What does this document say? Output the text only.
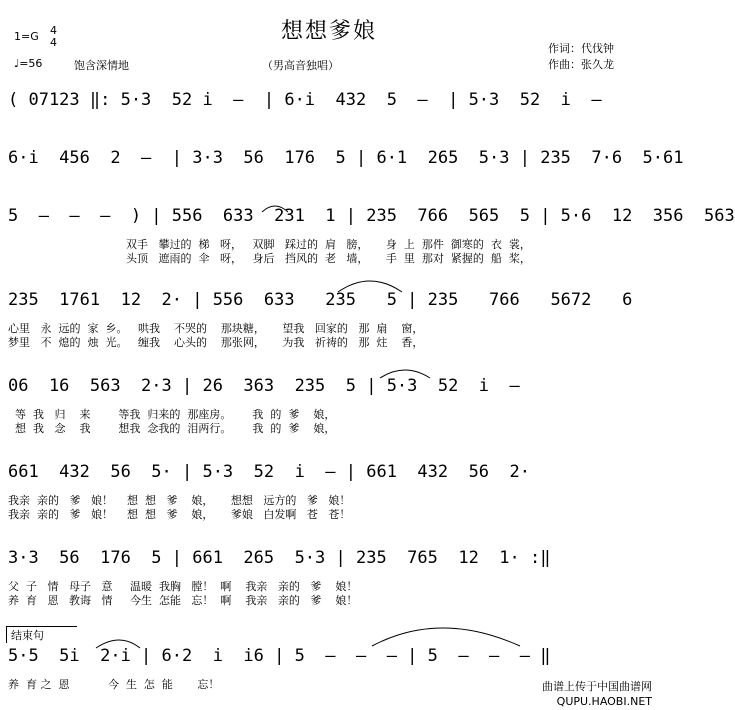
想想爹娘
1=G 4
4
♩=56	饱含深情地	（男高音独唱）
作词：代伐钟
作曲：张久龙
( 07123 ‖: 5·3  52 i  –  | 6·i  432  5  –  | 5·3  52  i  –
6·i  456  2  –  | 3·3  56  176  5 | 6·1  265  5·3 | 235  7·6  5·61
5  –  –  –  ) | 556  633  231  1 | 235  766  565  5 | 5·6  12  356  563
双手   攀过的  梯   呀，   双脚   踩过的  肩   膀，     身  上  那件  御寒的  衣  裳，
头顶   遮雨的  伞   呀，   身后   挡风的  老   墙，     手  里  那对  紧握的  船  桨，
235  1761  12  2· | 556  633   235   5 | 235   766   5672   6
心里   永  远的  家  乡。   哄我    不哭的    那块糖，     望我   回家的   那  扇    窗，
梦里   不  熄的  烛  光。   缠我    心头的    那张网，     为我   祈祷的   那  炷    香，
06  16  563  2·3 | 26  363  235  5 | 5·3  52  i  –
等  我   归    来        等我  归来的  那座房。      我  的  爹    娘，
想  我   念    我        想我  念我的  泪两行。      我  的  爹    娘，
661  432  56  5· | 5·3  52  i  – | 661  432  56  2·
我亲  亲的   爹   娘！    想  想   爹    娘，     想想   远方的   爹   娘！
我亲  亲的   爹   娘！    想  想   爹    娘，     爹娘   白发啊   苍   苍！
3·3  56  176  5 | 661  265  5·3 | 235  765  12  1· :‖
父  子   情   母子   意     温暖  我胸   膛！  啊    我亲   亲的   爹    娘！
养  育   恩   教诲   情     今生  怎能   忘！  啊    我亲   亲的   爹    娘！
结束句
5·5  5i  2·i | 6·2  i  i6 | 5  –  –  – | 5  –  –  – ‖
养  育 之  恩           今  生  怎  能       忘！	曲谱上传于中国曲谱网
QUPU.HAOBI.NET
